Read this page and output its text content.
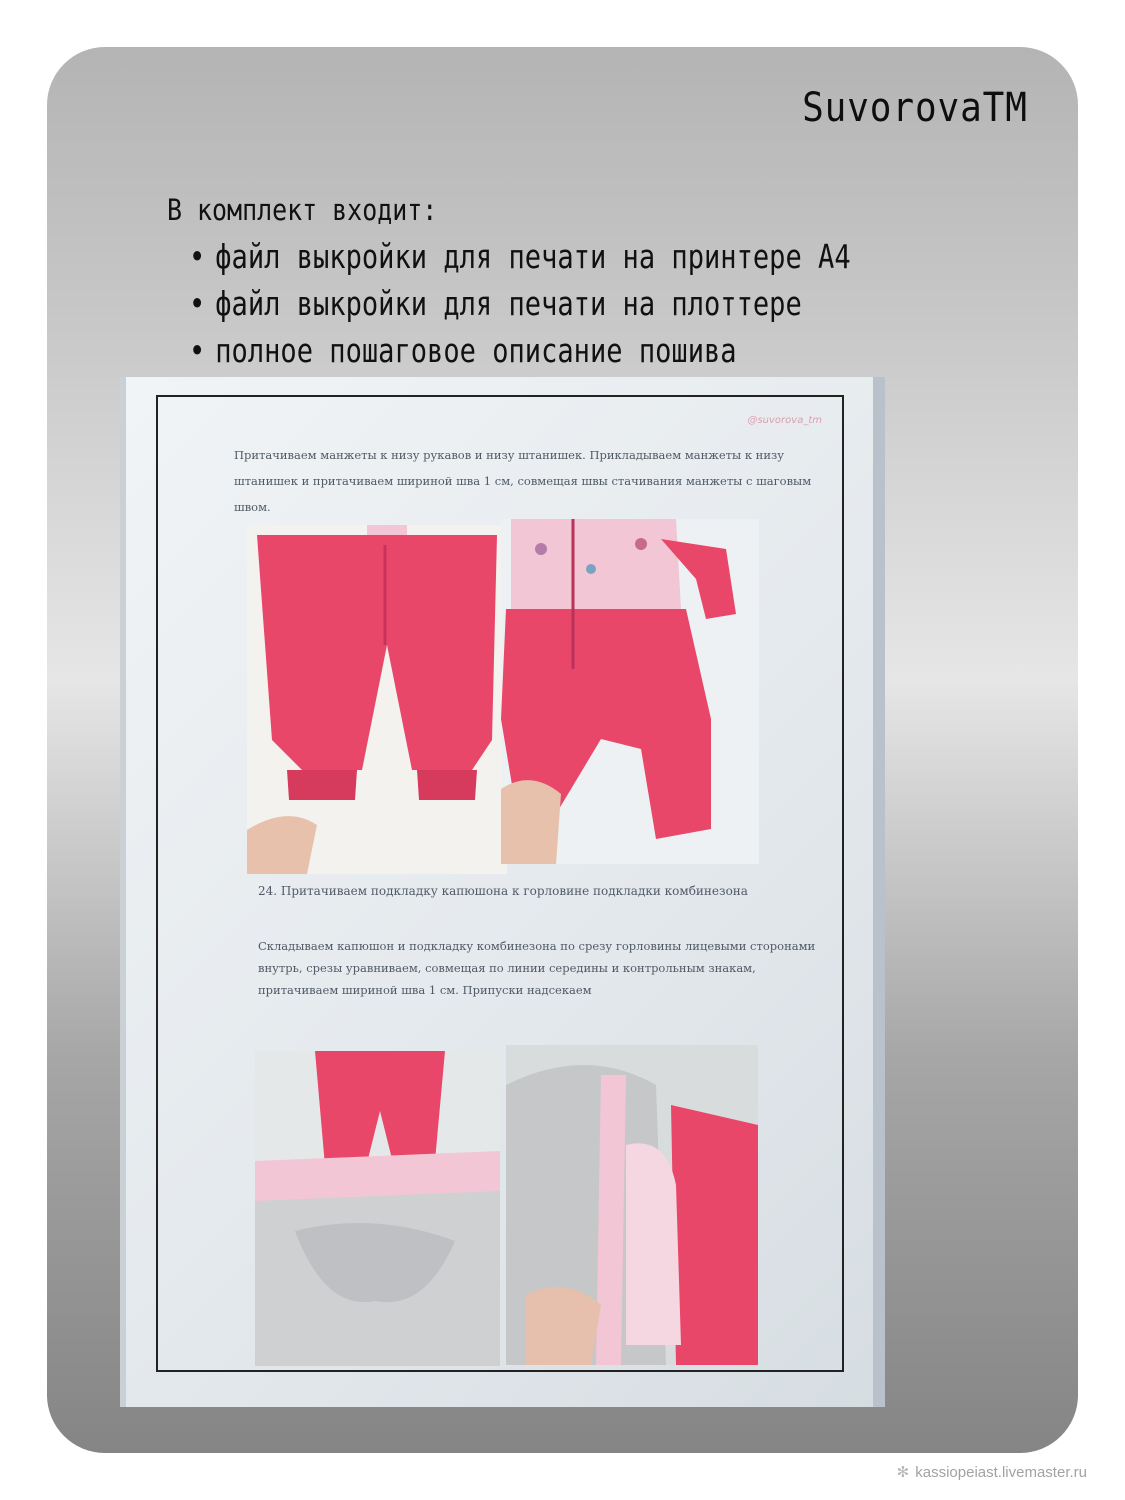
SuvorovaTM
В комплект входит:
• файл выкройки для печати на принтере А4
• файл выкройки для печати на плоттере
• полное пошаговое описание пошива
@suvorova_tm
Притачиваем манжеты к низу рукавов и низу штанишек. Прикладываем манжеты к низу штанишек и притачиваем шириной шва 1 см, совмещая швы стачивания манжеты с шаговым швом.
24. Притачиваем подкладку капюшона к горловине подкладки комбинезона
Складываем капюшон и подкладку комбинезона по срезу горловины лицевыми сторонами внутрь, срезы уравниваем, совмещая по линии середины и контрольным знакам, притачиваем шириной шва 1 см. Припуски надсекаем
✻ kassiopeiast.livemaster.ru
